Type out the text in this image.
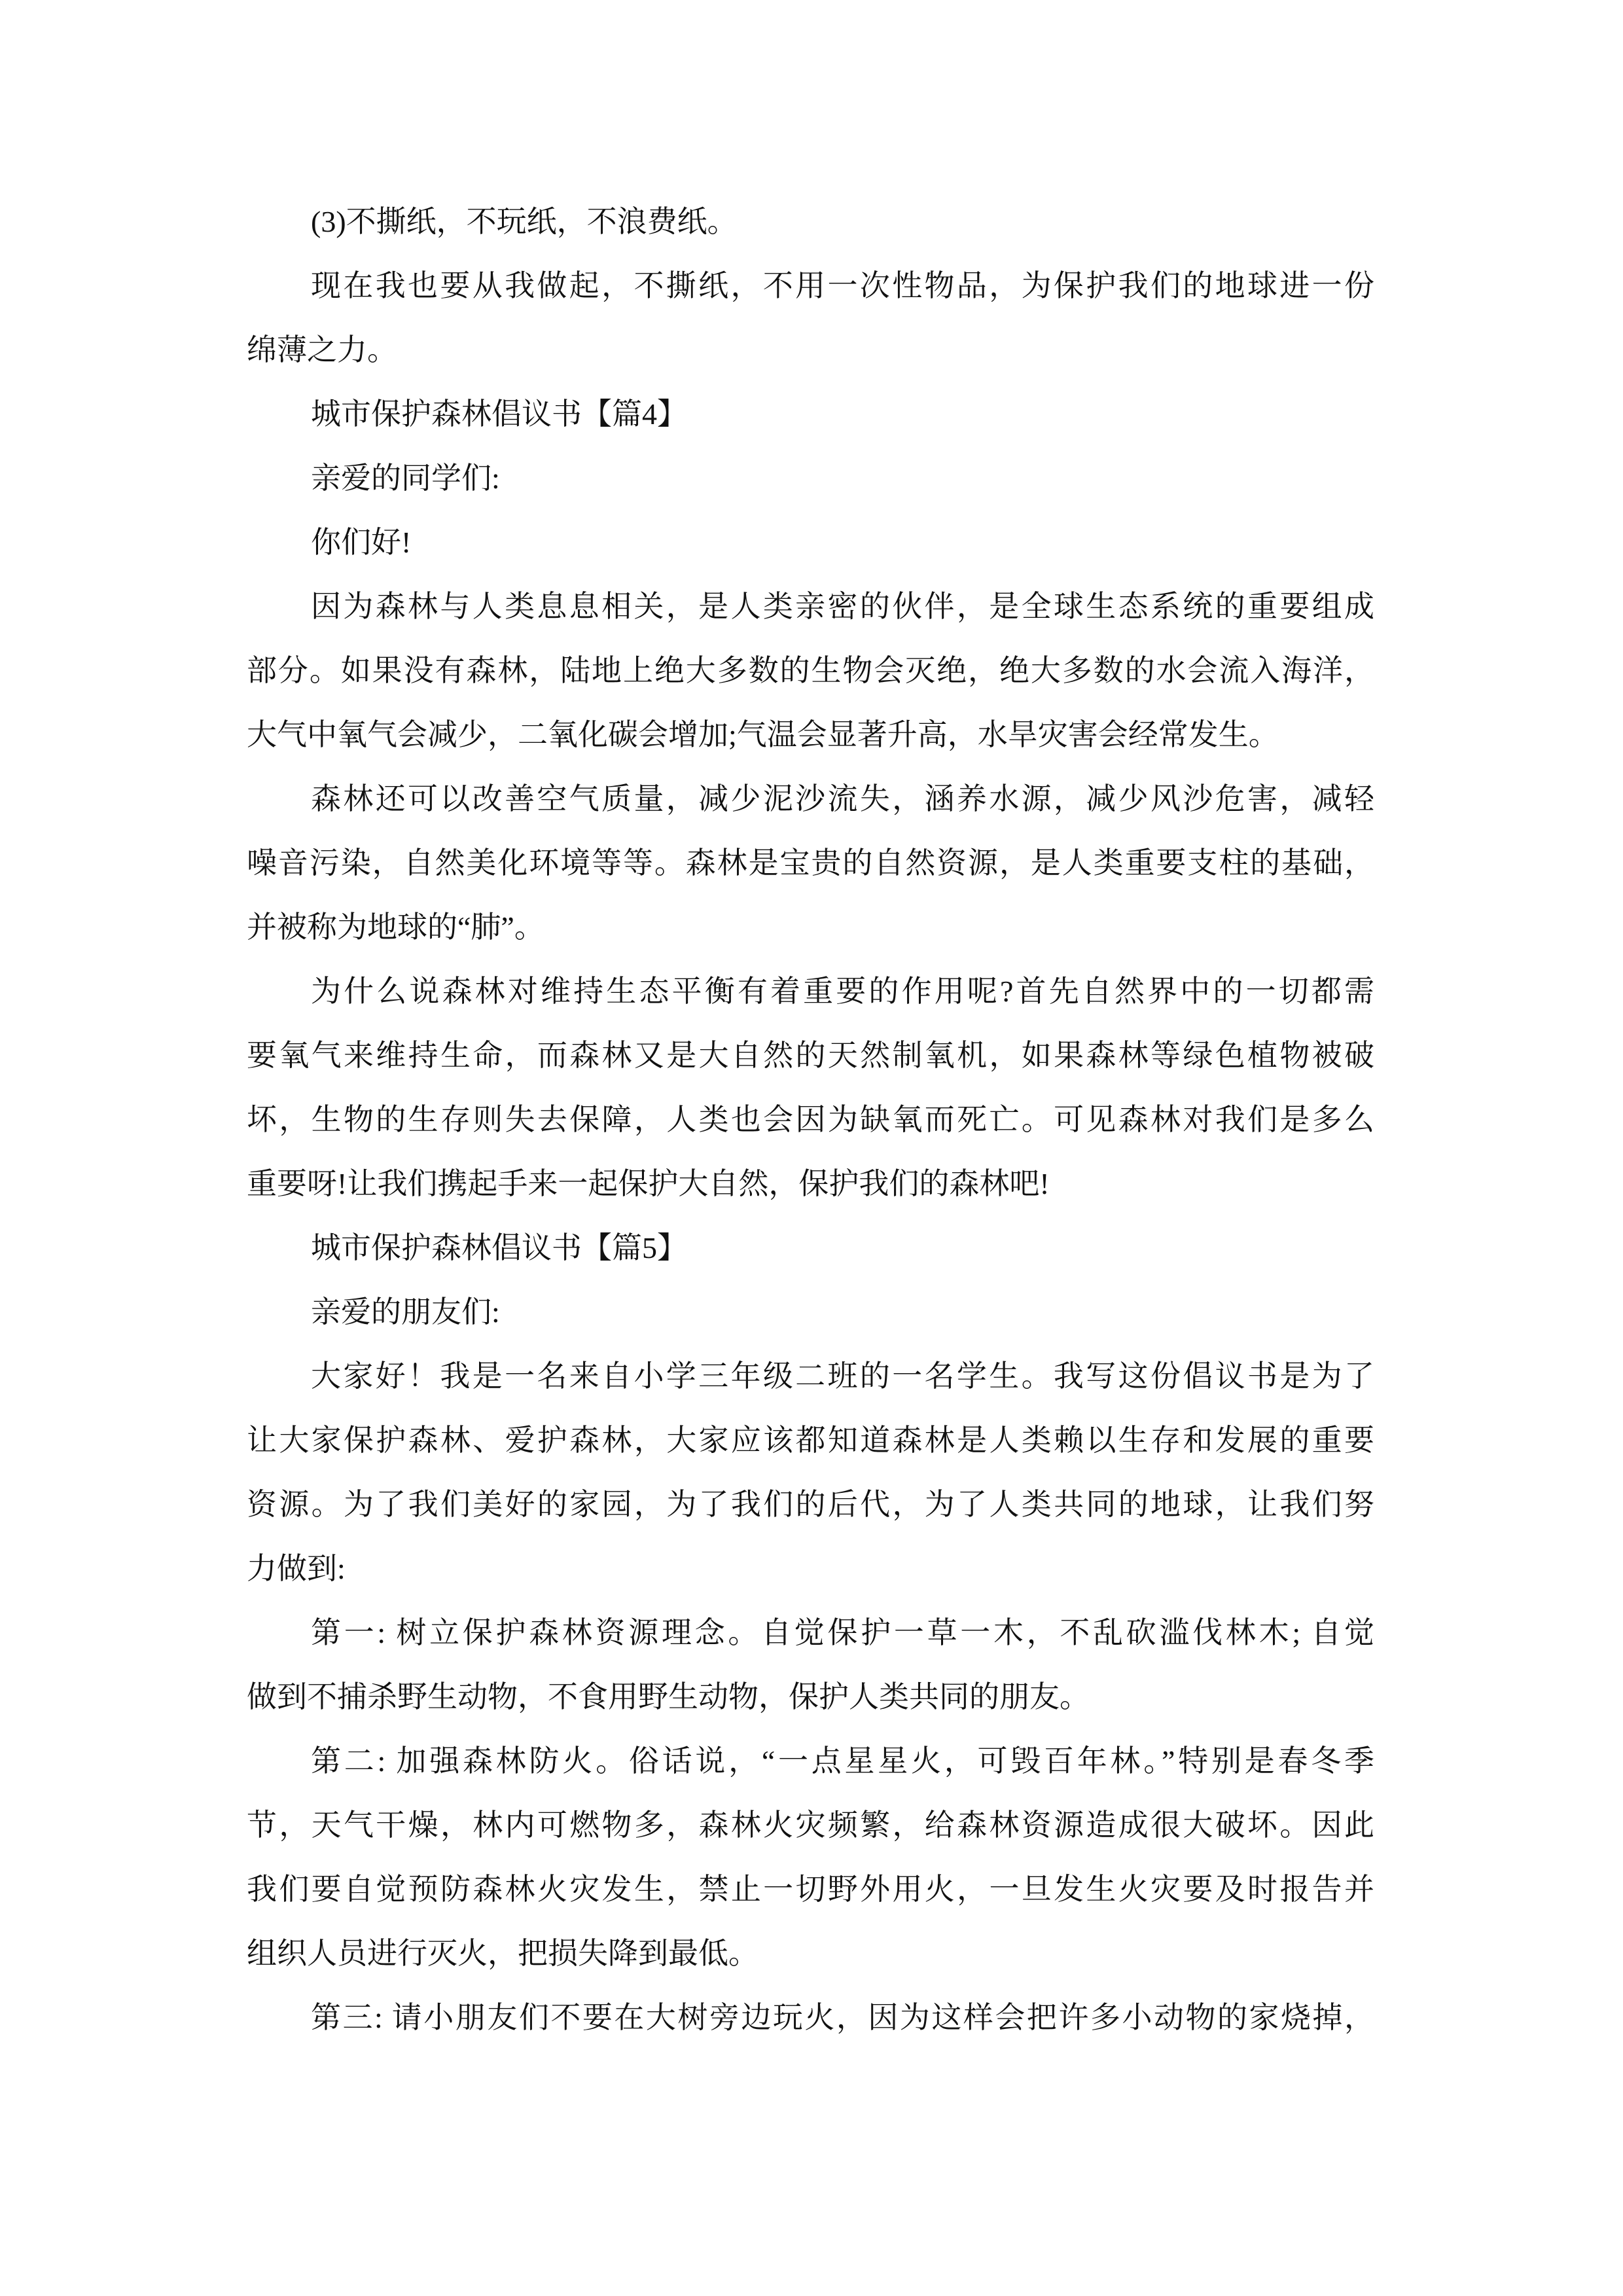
(3)不撕纸，不玩纸，不浪费纸。
现在我也要从我做起，不撕纸，不用一次性物品，为保护我们的地球进一份
绵薄之力。
城市保护森林倡议书【篇4】
亲爱的同学们:
你们好!
因为森林与人类息息相关，是人类亲密的伙伴，是全球生态系统的重要组成
部分。如果没有森林，陆地上绝大多数的生物会灭绝，绝大多数的水会流入海洋，
大气中氧气会减少，二氧化碳会增加;气温会显著升高，水旱灾害会经常发生。
森林还可以改善空气质量，减少泥沙流失，涵养水源，减少风沙危害，减轻
噪音污染，自然美化环境等等。森林是宝贵的自然资源，是人类重要支柱的基础，
并被称为地球的“肺”。
为什么说森林对维持生态平衡有着重要的作用呢?首先自然界中的一切都需
要氧气来维持生命，而森林又是大自然的天然制氧机，如果森林等绿色植物被破
坏，生物的生存则失去保障，人类也会因为缺氧而死亡。可见森林对我们是多么
重要呀!让我们携起手来一起保护大自然，保护我们的森林吧!
城市保护森林倡议书【篇5】
亲爱的朋友们:
大家好！我是一名来自小学三年级二班的一名学生。我写这份倡议书是为了
让大家保护森林、爱护森林，大家应该都知道森林是人类赖以生存和发展的重要
资源。为了我们美好的家园，为了我们的后代，为了人类共同的地球，让我们努
力做到:
第一: 树立保护森林资源理念。自觉保护一草一木，不乱砍滥伐林木; 自觉
做到不捕杀野生动物，不食用野生动物，保护人类共同的朋友。
第二: 加强森林防火。俗话说，“一点星星火，可毁百年林。”特别是春冬季
节，天气干燥，林内可燃物多，森林火灾频繁，给森林资源造成很大破坏。因此
我们要自觉预防森林火灾发生，禁止一切野外用火，一旦发生火灾要及时报告并
组织人员进行灭火，把损失降到最低。
第三: 请小朋友们不要在大树旁边玩火，因为这样会把许多小动物的家烧掉，
